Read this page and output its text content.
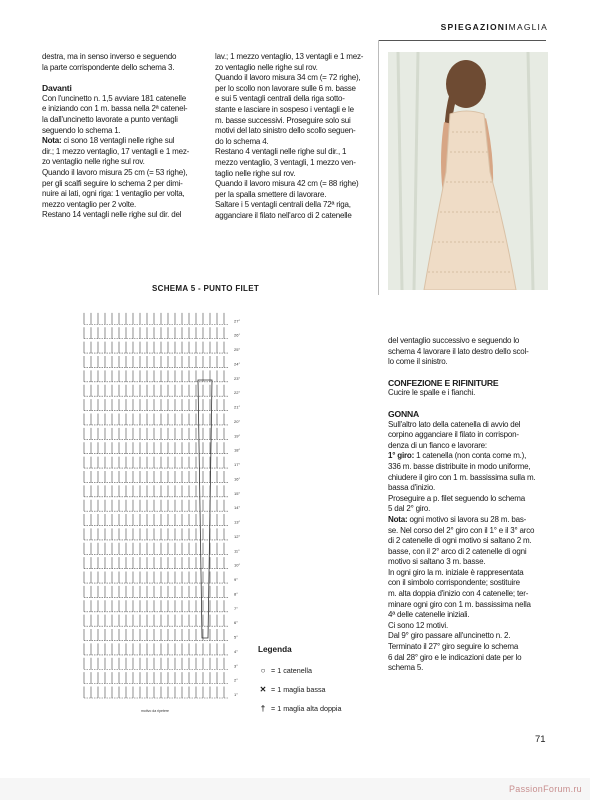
SPIEGAZIONIMAGLIA

destra, ma in senso inverso e seguendo

la parte corrispondente dello schema 3.

Davanti

Con l'uncinetto n. 1,5 avviare 181 catenelle

e iniziando con 1 m. bassa nella 2ª catenel-

la dall'uncinetto lavorate a punto ventagli

seguendo lo schema 1.

Nota: ci sono 18 ventagli nelle righe sul

dir.; 1 mezzo ventaglio, 17 ventagli e 1 mez-

zo ventaglio nelle righe sul rov.

Quando il lavoro misura 25 cm (= 53 righe),

per gli scalfi seguire lo schema 2 per dimi-

nuire ai lati, ogni riga: 1 ventaglio per volta,

mezzo ventaglio per 2 volte.

Restano 14 ventagli nelle righe sul dir. del

lav.; 1 mezzo ventaglio, 13 ventagli e 1 mez-

zo ventaglio nelle righe sul rov.

Quando il lavoro misura 34 cm (= 72 righe),

per lo scollo non lavorare sulle 6 m. basse

e sui 5 ventagli centrali della riga sotto-

stante e lasciare in sospeso i ventagli e le

m. basse successivi. Proseguire solo sui

motivi del lato sinistro dello scollo seguen-

do lo schema 4.

Restano 4 ventagli nelle righe sul dir., 1

mezzo ventaglio, 3 ventagli, 1 mezzo ven-

taglio nelle righe sul rov.

Quando il lavoro misura 42 cm (= 88 righe)

per la spalla smettere di lavorare.

Saltare i 5 ventagli centrali della 72ª riga,

agganciare il filato nell'arco di 2 catenelle

del ventaglio successivo e seguendo lo

schema 4 lavorare il lato destro dello scol-

lo come il sinistro.

CONFEZIONE E RIFINITURE

Cucire le spalle e i fianchi.

GONNA

Sull'altro lato della catenella di avvio del

corpino agganciare il filato in corrispon-

denza di un fianco e lavorare:

1° giro: 1 catenella (non conta come m.),

336 m. basse distribuite in modo uniforme,

chiudere il giro con 1 m. bassissima sulla m.

bassa d'inizio.

Proseguire a p. filet seguendo lo schema

5 dal 2° giro.

Nota: ogni motivo si lavora su 28 m. bas-

se. Nel corso del 2° giro con il 1° e il 3° arco

di 2 catenelle di ogni motivo si saltano 2 m.

basse, con il 2° arco di 2 catenelle di ogni

motivo si saltano 3 m. basse.

In ogni giro la m. iniziale è rappresentata

con il simbolo corrispondente; sostituire

m. alta doppia d'inizio con 4 catenelle; ter-

minare ogni giro con 1 m. bassissima nella

4ª delle catenelle iniziali.

Ci sono 12 motivi.

Dal 9° giro passare all'uncinetto n. 2.

Terminato il 27° giro seguire lo schema

6 dal 28° giro e le indicazioni date per lo

schema 5.

SCHEMA 5 - PUNTO FILET
1°
2°
3°
4°
5°
6°
7°
8°
9°
10°
11°
12°
13°
14°
15°
16°
17°
18°
19°
20°
21°
22°
23°
24°
25°
26°
27°
motivo da ripetere
Legenda
○ = 1 catenella
✕ = 1 maglia bassa
† = 1 maglia alta doppia
71
PassionForum.ru
